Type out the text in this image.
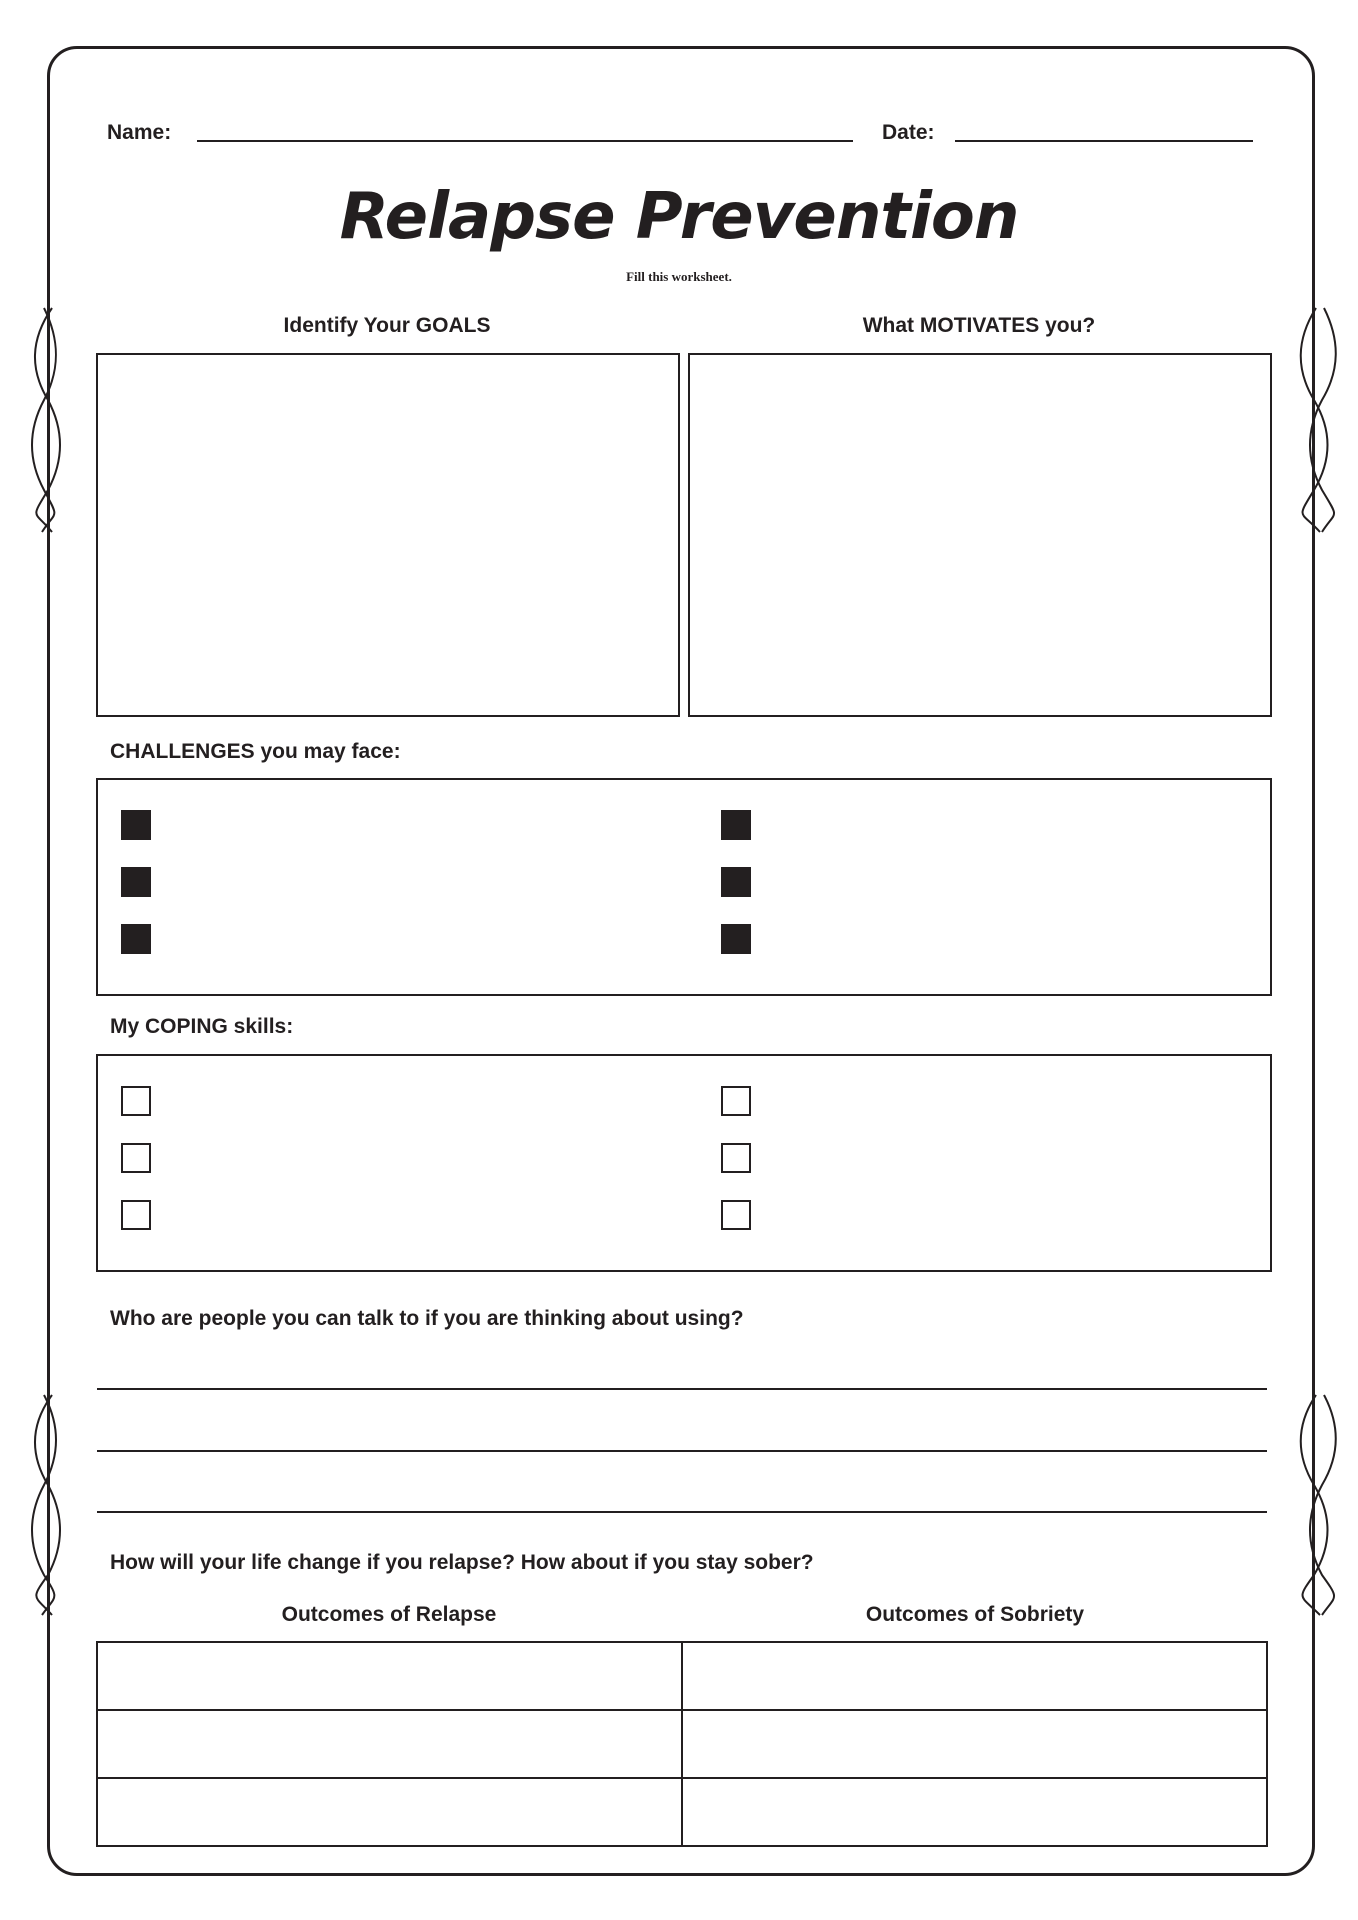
Name:	Date:
Relapse Prevention
Fill this worksheet.
Identify Your GOALS	What MOTIVATES you?
CHALLENGES you may face:
My COPING skills:
Who are people you can talk to if you are thinking about using?
How will your life change if you relapse? How about if you stay sober?
Outcomes of Relapse	Outcomes of Sobriety
